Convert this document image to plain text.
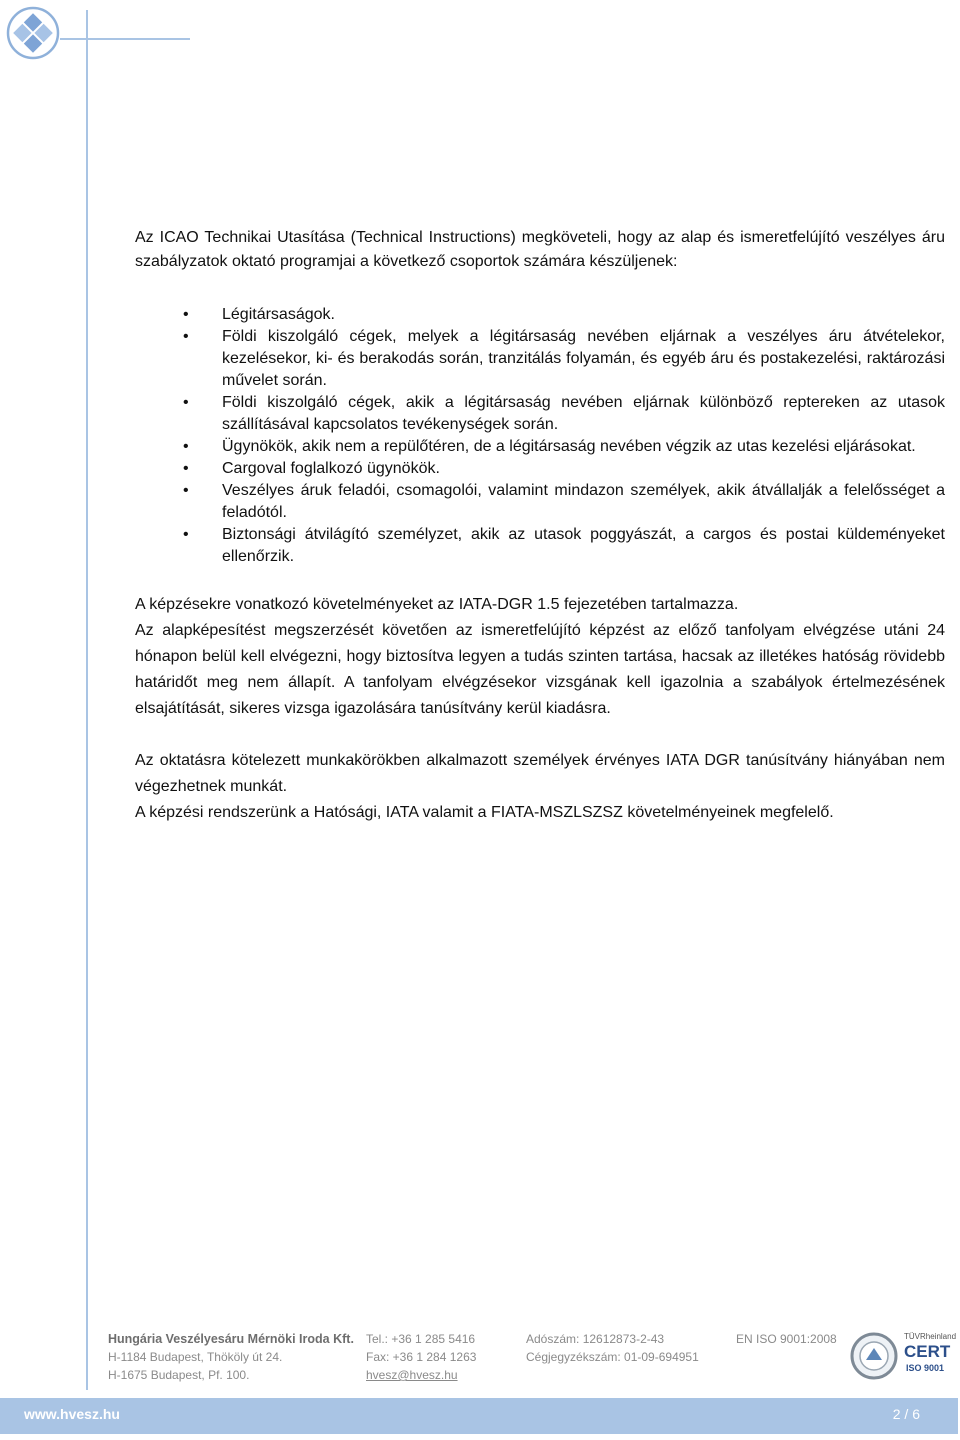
Az ICAO Technikai Utasítása (Technical Instructions) megköveteli, hogy az alap és ismeretfelújító veszélyes áru szabályzatok oktató programjai a következő csoportok számára készüljenek:

• Légitársaságok.
• Földi kiszolgáló cégek, melyek a légitársaság nevében eljárnak a veszélyes áru átvételekor, kezelésekor, ki- és berakodás során, tranzitálás folyamán, és egyéb áru és postakezelési, raktározási művelet során.
• Földi kiszolgáló cégek, akik a légitársaság nevében eljárnak különböző reptereken az utasok szállításával kapcsolatos tevékenységek során.
• Ügynökök, akik nem a repülőtéren, de a légitársaság nevében végzik az utas kezelési eljárásokat.
• Cargoval foglalkozó ügynökök.
• Veszélyes áruk feladói, csomagolói, valamint mindazon személyek, akik átvállalják a felelősséget a feladótól.
• Biztonsági átvilágító személyzet, akik az utasok poggyászát, a cargos és postai küldeményeket ellenőrzik.

A képzésekre vonatkozó követelményeket az IATA-DGR 1.5 fejezetében tartalmazza.

Az alapképesítést megszerzését követően az ismeretfelújító képzést az előző tanfolyam elvégzése utáni 24 hónapon belül kell elvégezni, hogy biztosítva legyen a tudás szinten tartása, hacsak az illetékes hatóság rövidebb határidőt meg nem állapít. A tanfolyam elvégzésekor vizsgának kell igazolnia a szabályok értelmezésének elsajátítását, sikeres vizsga igazolására tanúsítvány kerül kiadásra.

Az oktatásra kötelezett munkakörökben alkalmazott személyek érvényes IATA DGR tanúsítvány hiányában nem végezhetnek munkát.

A képzési rendszerünk a Hatósági, IATA valamit a FIATA-MSZLSZSZ követelményeinek megfelelő.

Hungária Veszélyesáru Mérnöki Iroda Kft.
H-1184 Budapest, Thököly út 24.
H-1675 Budapest, Pf. 100.
Tel.: +36 1 285 5416
Fax: +36 1 284 1263
hvesz@hvesz.hu
Adószám: 12612873-2-43
Cégjegyzékszám: 01-09-694951
EN ISO 9001:2008	TÜVRheinland
CERT
ISO 9001
www.hvesz.hu	2 / 6
